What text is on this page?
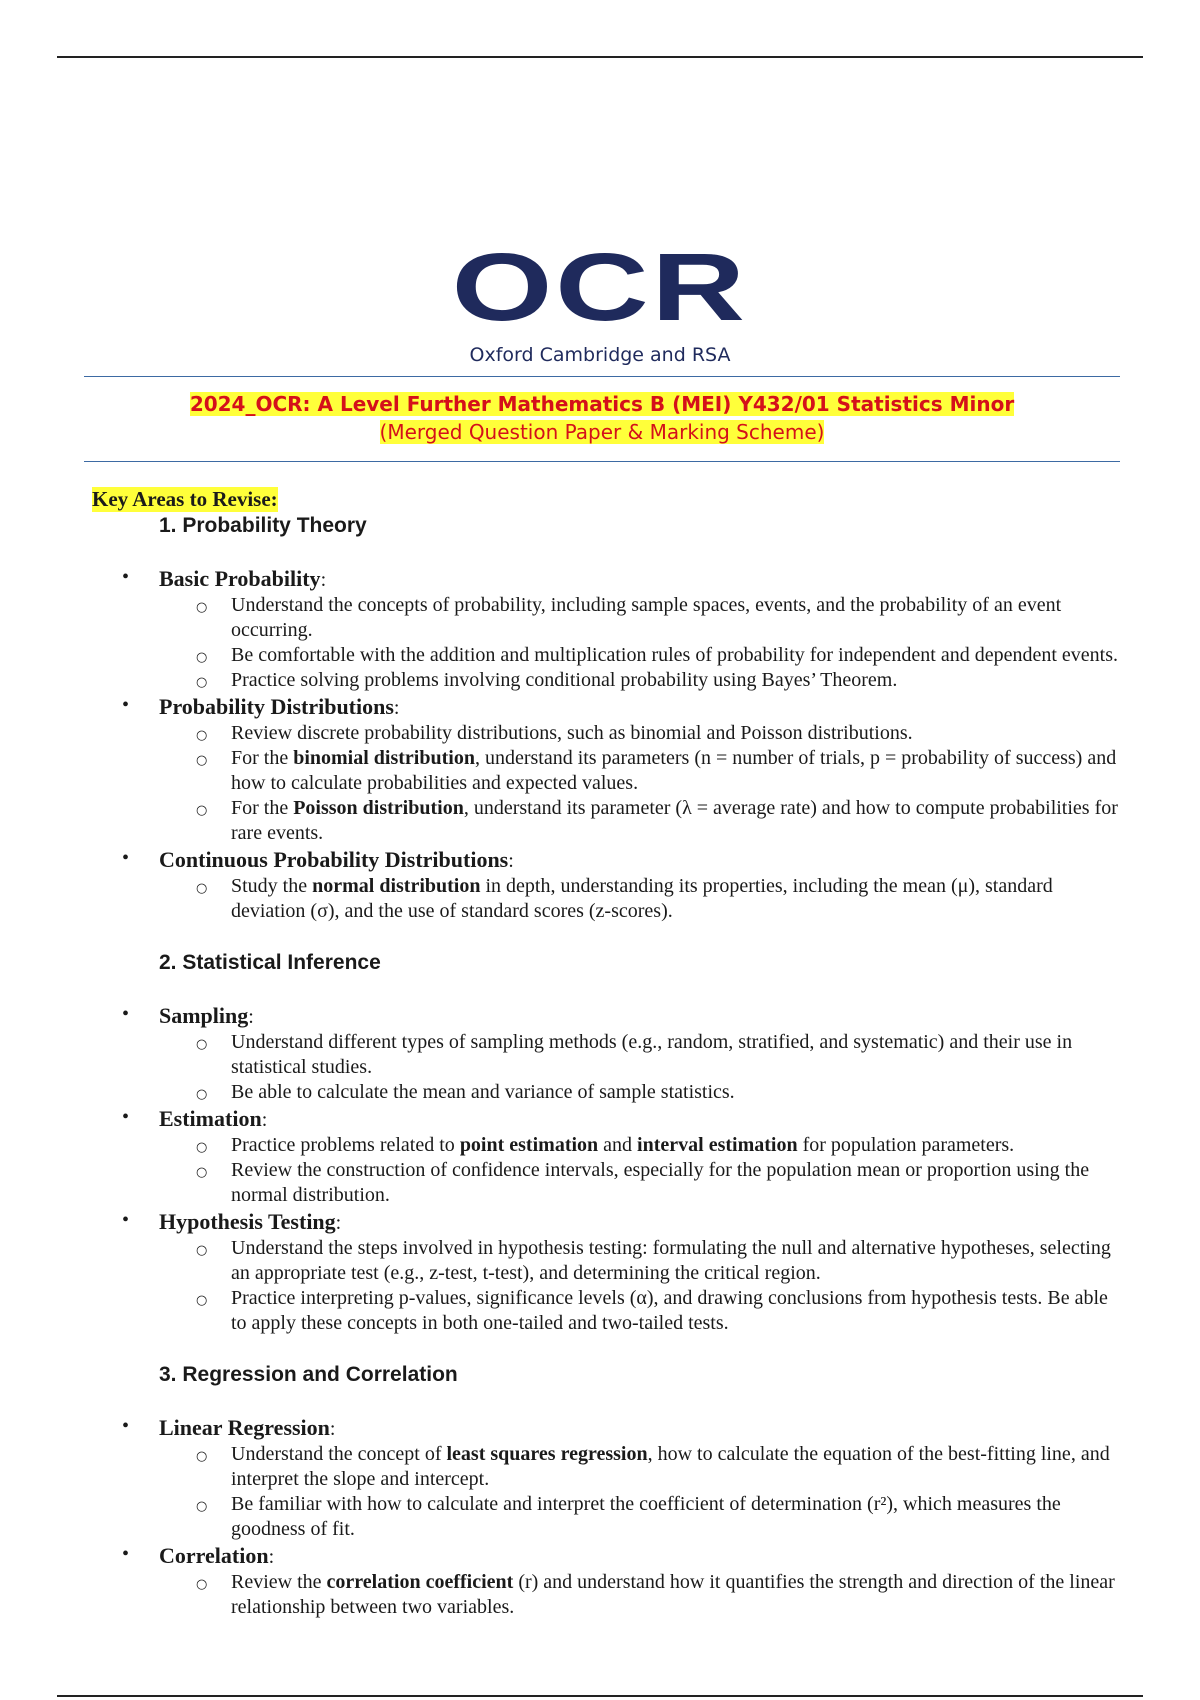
OCR
Oxford Cambridge and RSA
2024_OCR: A Level Further Mathematics B (MEI) Y432/01 Statistics Minor
(Merged Question Paper & Marking Scheme)
Key Areas to Revise:
1. Probability Theory
• Basic Probability:
○ Understand the concepts of probability, including sample spaces, events, and the probability of an event occurring.
○ Be comfortable with the addition and multiplication rules of probability for independent and dependent events.
○ Practice solving problems involving conditional probability using Bayes’ Theorem.
• Probability Distributions:
○ Review discrete probability distributions, such as binomial and Poisson distributions.
○ For the binomial distribution, understand its parameters (n = number of trials, p = probability of success) and how to calculate probabilities and expected values.
○ For the Poisson distribution, understand its parameter (λ = average rate) and how to compute probabilities for rare events.
• Continuous Probability Distributions:
○ Study the normal distribution in depth, understanding its properties, including the mean (μ), standard deviation (σ), and the use of standard scores (z-scores).
2. Statistical Inference
• Sampling:
○ Understand different types of sampling methods (e.g., random, stratified, and systematic) and their use in statistical studies.
○ Be able to calculate the mean and variance of sample statistics.
• Estimation:
○ Practice problems related to point estimation and interval estimation for population parameters.
○ Review the construction of confidence intervals, especially for the population mean or proportion using the normal distribution.
• Hypothesis Testing:
○ Understand the steps involved in hypothesis testing: formulating the null and alternative hypotheses, selecting an appropriate test (e.g., z-test, t-test), and determining the critical region.
○ Practice interpreting p-values, significance levels (α), and drawing conclusions from hypothesis tests. Be able to apply these concepts in both one-tailed and two-tailed tests.
3. Regression and Correlation
• Linear Regression:
○ Understand the concept of least squares regression, how to calculate the equation of the best-fitting line, and interpret the slope and intercept.
○ Be familiar with how to calculate and interpret the coefficient of determination (r²), which measures the goodness of fit.
• Correlation:
○ Review the correlation coefficient (r) and understand how it quantifies the strength and direction of the linear relationship between two variables.
